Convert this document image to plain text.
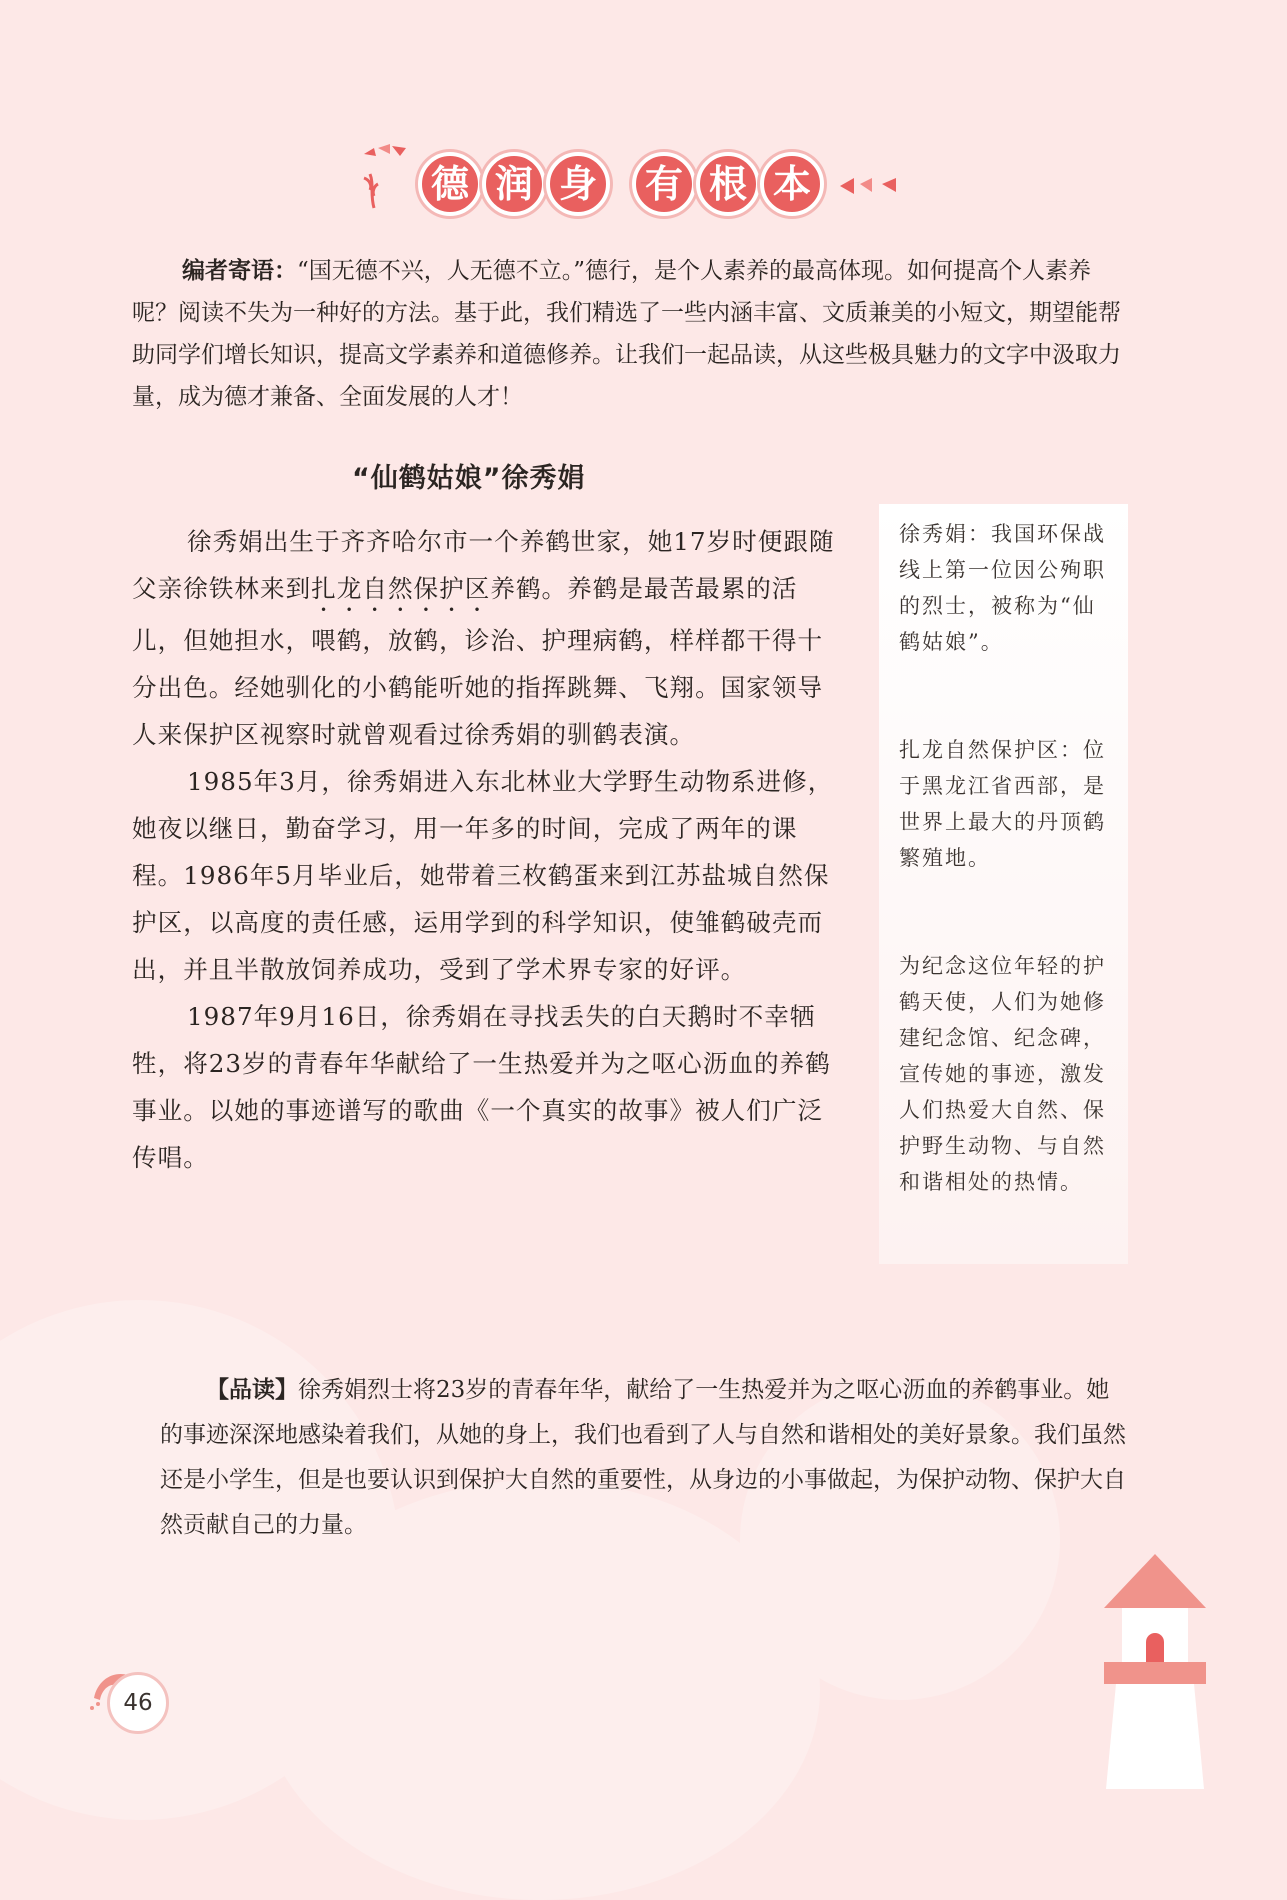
德 润 身	有 根 本
编者寄语：“国无德不兴，人无德不立。”德行，是个人素养的最高体现。如何提高个人素养呢？阅读不失为一种好的方法。基于此，我们精选了一些内涵丰富、文质兼美的小短文，期望能帮助同学们增长知识，提高文学素养和道德修养。让我们一起品读，从这些极具魅力的文字中汲取力量，成为德才兼备、全面发展的人才！
“仙鹤姑娘”徐秀娟

徐秀娟出生于齐齐哈尔市一个养鹤世家，她17岁时便跟随父亲徐铁林来到扎龙自然保护区养鹤。养鹤是最苦最累的活儿，但她担水，喂鹤，放鹤，诊治、护理病鹤，样样都干得十分出色。经她驯化的小鹤能听她的指挥跳舞、飞翔。国家领导人来保护区视察时就曾观看过徐秀娟的驯鹤表演。

1985年3月，徐秀娟进入东北林业大学野生动物系进修，她夜以继日，勤奋学习，用一年多的时间，完成了两年的课程。1986年5月毕业后，她带着三枚鹤蛋来到江苏盐城自然保护区，以高度的责任感，运用学到的科学知识，使雏鹤破壳而出，并且半散放饲养成功，受到了学术界专家的好评。

1987年9月16日，徐秀娟在寻找丢失的白天鹅时不幸牺牲，将23岁的青春年华献给了一生热爱并为之呕心沥血的养鹤事业。以她的事迹谱写的歌曲《一个真实的故事》被人们广泛传唱。

徐秀娟：我国环保战线上第一位因公殉职的烈士，被称为“仙鹤姑娘”。
扎龙自然保护区：位于黑龙江省西部，是世界上最大的丹顶鹤繁殖地。
为纪念这位年轻的护鹤天使，人们为她修建纪念馆、纪念碑，宣传她的事迹，激发人们热爱大自然、保护野生动物、与自然和谐相处的热情。
【品读】徐秀娟烈士将23岁的青春年华，献给了一生热爱并为之呕心沥血的养鹤事业。她的事迹深深地感染着我们，从她的身上，我们也看到了人与自然和谐相处的美好景象。我们虽然还是小学生，但是也要认识到保护大自然的重要性，从身边的小事做起，为保护动物、保护大自然贡献自己的力量。
46
